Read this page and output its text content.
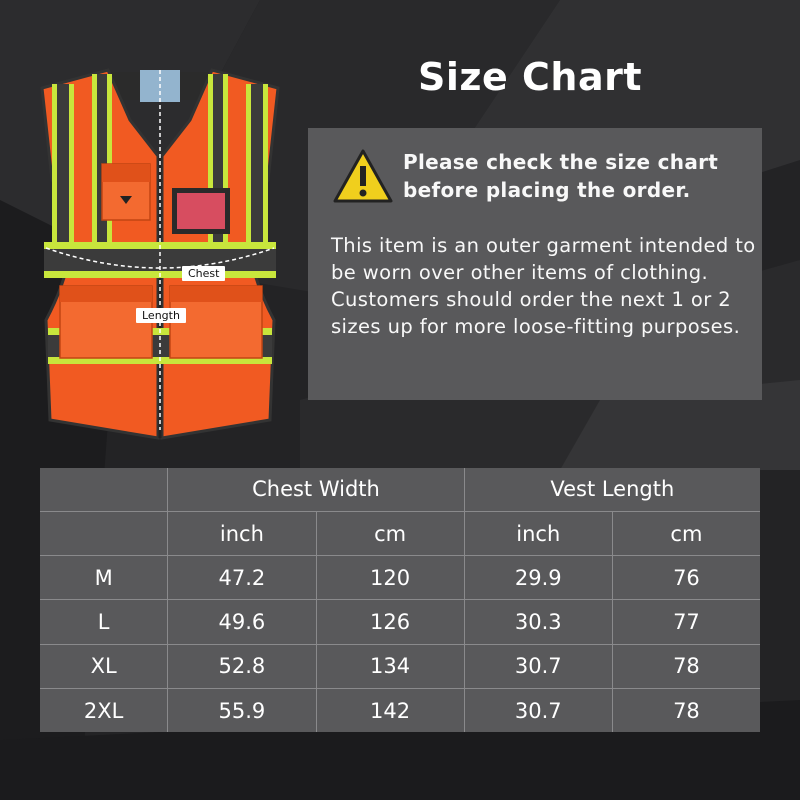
Size Chart
Chest
Length
Please check the size chart before placing the order.
This item is an outer garment intended to be worn over other items of clothing. Customers should order the next 1 or 2 sizes up for more loose-fitting purposes.
	Chest Width		Vest Length	
	inch	cm	inch	cm
M	47.2	120	29.9	76
L	49.6	126	30.3	77
XL	52.8	134	30.7	78
2XL	55.9	142	30.7	78
